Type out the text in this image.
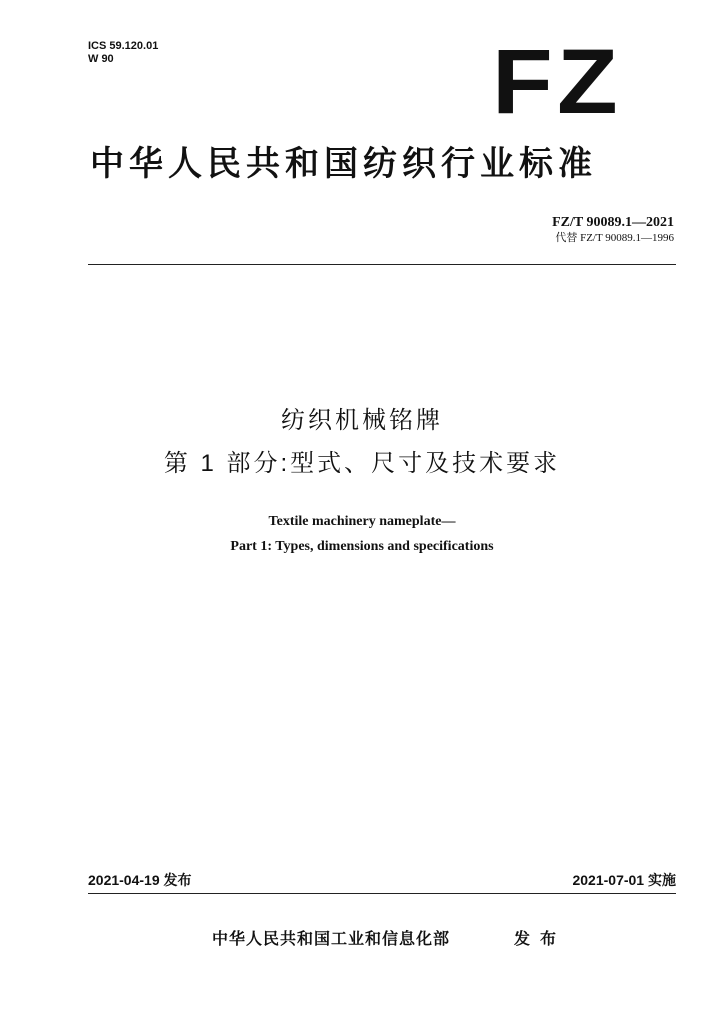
ICS 59.120.01
W 90	FZ
中华人民共和国纺织行业标准
FZ/T 90089.1—2021
代替 FZ/T 90089.1—1996
纺织机械铭牌
第 1 部分:型式、尺寸及技术要求
Textile machinery nameplate—
Part 1: Types, dimensions and specifications
2021-04-19 发布	2021-07-01 实施
中华人民共和国工业和信息化部	发布
